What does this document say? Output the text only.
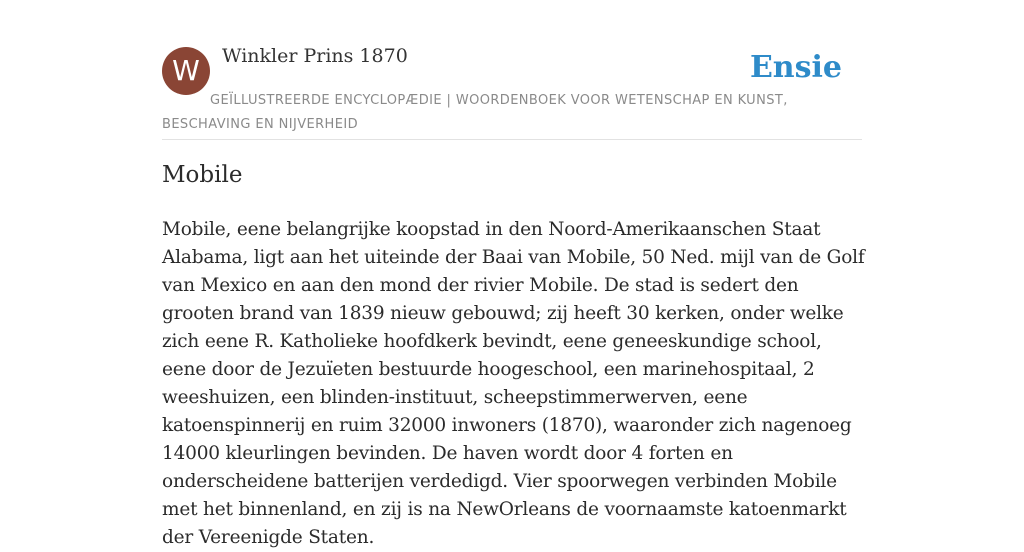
W	Winkler Prins 1870	Ensie
GEÏLLUSTREERDE ENCYCLOPÆDIE | WOORDENBOEK VOOR WETENSCHAP EN KUNST, BESCHAVING EN NIJVERHEID
Mobile

Mobile, eene belangrijke koopstad in den Noord-Amerikaanschen Staat Alabama, ligt aan het uiteinde der Baai van Mobile, 50 Ned. mijl van de Golf van Mexico en aan den mond der rivier Mobile. De stad is sedert den grooten brand van 1839 nieuw gebouwd; zij heeft 30 kerken, onder welke zich eene R. Katholieke hoofdkerk bevindt, eene geneeskundige school, eene door de Jezuïeten bestuurde hoogeschool, een marinehospitaal, 2 weeshuizen, een blinden-instituut, scheepstimmerwerven, eene katoenspinnerij en ruim 32000 inwoners (1870), waaronder zich nagenoeg 14000 kleurlingen bevinden. De haven wordt door 4 forten en onderscheidene batterijen verdedigd. Vier spoorwegen verbinden Mobile met het binnenland, en zij is na NewOrleans de voornaamste katoenmarkt der Vereenigde Staten.
